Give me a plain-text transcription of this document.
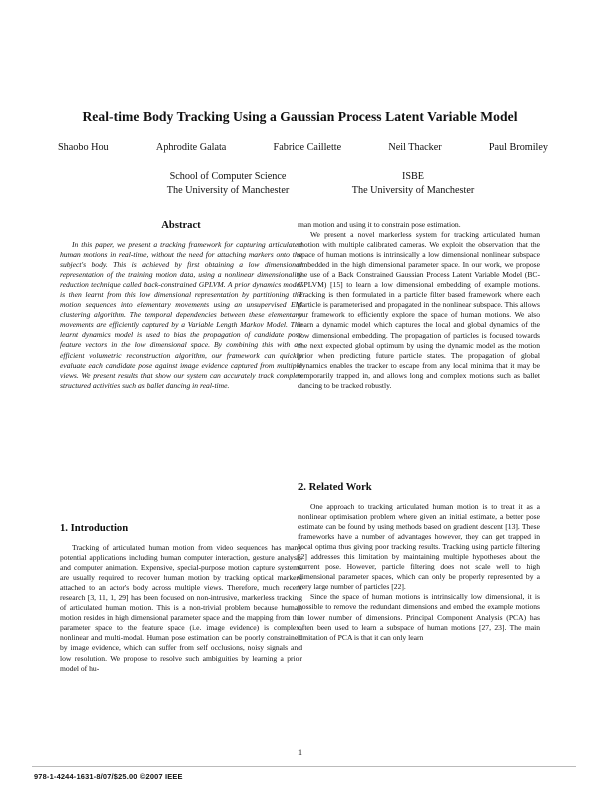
Real-time Body Tracking Using a Gaussian Process Latent Variable Model
Shaobo Hou	Aphrodite Galata	Fabrice Caillette	Neil Thacker	Paul Bromiley
School of Computer Science
The University of Manchester
ISBE
The University of Manchester
Abstract

In this paper, we present a tracking framework for capturing articulated human motions in real-time, without the need for attaching markers onto the subject's body. This is achieved by first obtaining a low dimensional representation of the training motion data, using a nonlinear dimensionality reduction technique called back-constrained GPLVM. A prior dynamics model is then learnt from this low dimensional representation by partitioning the motion sequences into elementary movements using an unsupervised EM clustering algorithm. The temporal dependencies between these elementary movements are efficiently captured by a Variable Length Markov Model. The learnt dynamics model is used to bias the propagation of candidate pose feature vectors in the low dimensional space. By combining this with an efficient volumetric reconstruction algorithm, our framework can quickly evaluate each candidate pose against image evidence captured from multiple views. We present results that show our system can accurately track complex structured activities such as ballet dancing in real-time.

1. Introduction

Tracking of articulated human motion from video sequences has many potential applications including human computer interaction, gesture analysis and computer animation. Expensive, special-purpose motion capture systems are usually required to recover human motion by tracking optical markers attached to an actor's body across multiple views. Therefore, much recent research [3, 11, 1, 29] has been focused on non-intrusive, markerless tracking of articulated human motion. This is a non-trivial problem because human motion resides in high dimensional parameter space and the mapping from the parameter space to the feature space (i.e. image evidence) is complex, nonlinear and multi-modal. Human pose estimation can be poorly constrained by image evidence, which can suffer from self occlusions, noisy signals and low resolution. We propose to resolve such ambiguities by learning a prior model of hu-

man motion and using it to constrain pose estimation.

We present a novel markerless system for tracking articulated human motion with multiple calibrated cameras. We exploit the observation that the space of human motions is intrinsically a low dimensional nonlinear subspace embedded in the high dimensional parameter space. In our work, we propose the use of a Back Constrained Gaussian Process Latent Variable Model (BC-GPLVM) [15] to learn a low dimensional embedding of example motions. Tracking is then formulated in a particle filter based framework where each particle is parameterised and propagated in the nonlinear subspace. This allows our framework to efficiently explore the space of human motions. We also learn a dynamic model which captures the local and global dynamics of the low dimensional embedding. The propagation of particles is focused towards the next expected global optimum by using the dynamic model as the motion prior when predicting future particle states. The propagation of global dynamics enables the tracker to escape from any local minima that it may be temporarily trapped in, and allows long and complex motions such as ballet dancing to be tracked robustly.

2. Related Work

One approach to tracking articulated human motion is to treat it as a nonlinear optimisation problem where given an initial estimate, a better pose estimate can be found by using methods based on gradient descent [13]. These frameworks have a number of advantages however, they can get trapped in local optima thus giving poor tracking results. Tracking using particle filtering [2] addresses this limitation by maintaining multiple hypotheses about the current pose. However, particle filtering does not scale well to high dimensional parameter spaces, which can only be properly represented by a very large number of particles [22].

Since the space of human motions is intrinsically low dimensional, it is possible to remove the redundant dimensions and embed the example motions in lower number of dimensions. Principal Component Analysis (PCA) has often been used to learn a subspace of human motions [27, 23]. The main limitation of PCA is that it can only learn

1
978-1-4244-1631-8/07/$25.00 ©2007 IEEE
